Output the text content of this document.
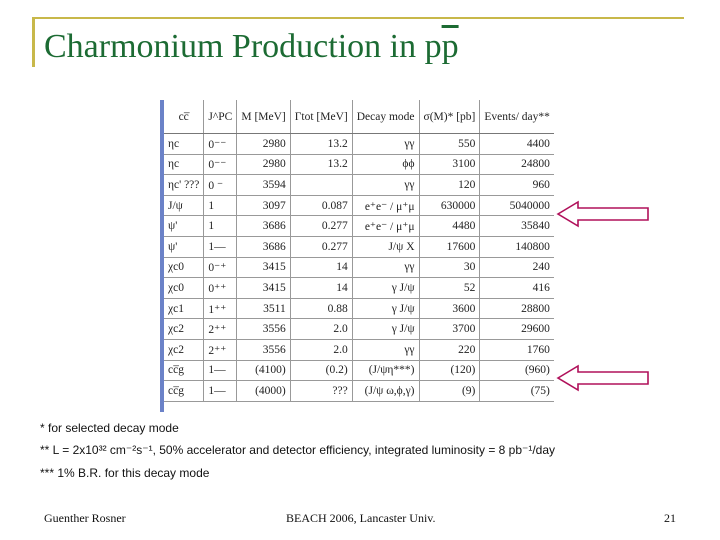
Charmonium Production in $p\overline{p}$
cc̅	J^PC	M [MeV]	Γtot [MeV]	Decay mode	σ(M)* [pb]	Events/ day**
ηc	0⁻⁻	2980	13.2	γγ	550	4400
ηc	0⁻⁻	2980	13.2	ϕϕ	3100	24800
ηc' ???	0 ⁻	3594		γγ	120	960
J/ψ	1	3097	0.087	e⁺e⁻ / μ⁺μ	630000	5040000
ψ'	1	3686	0.277	e⁺e⁻ / μ⁺μ	4480	35840
ψ'	1—	3686	0.277	J/ψ X	17600	140800
χc0	0⁻⁺	3415	14	γγ	30	240
χc0	0⁺⁺	3415	14	γ J/ψ	52	416
χc1	1⁺⁺	3511	0.88	γ J/ψ	3600	28800
χc2	2⁺⁺	3556	2.0	γ J/ψ	3700	29600
χc2	2⁺⁺	3556	2.0	γγ	220	1760
cc̅g	1—	(4100)	(0.2)	(J/ψη***)	(120)	(960)
cc̅g	1—	(4000)	???	(J/ψ ω,ϕ,γ)	(9)	(75)
* for selected decay mode
** L = 2x10³² cm⁻²s⁻¹, 50% accelerator and detector efficiency, integrated luminosity = 8 pb⁻¹/day
*** 1% B.R. for this decay mode
Guenther Rosner	BEACH 2006, Lancaster Univ.	21
